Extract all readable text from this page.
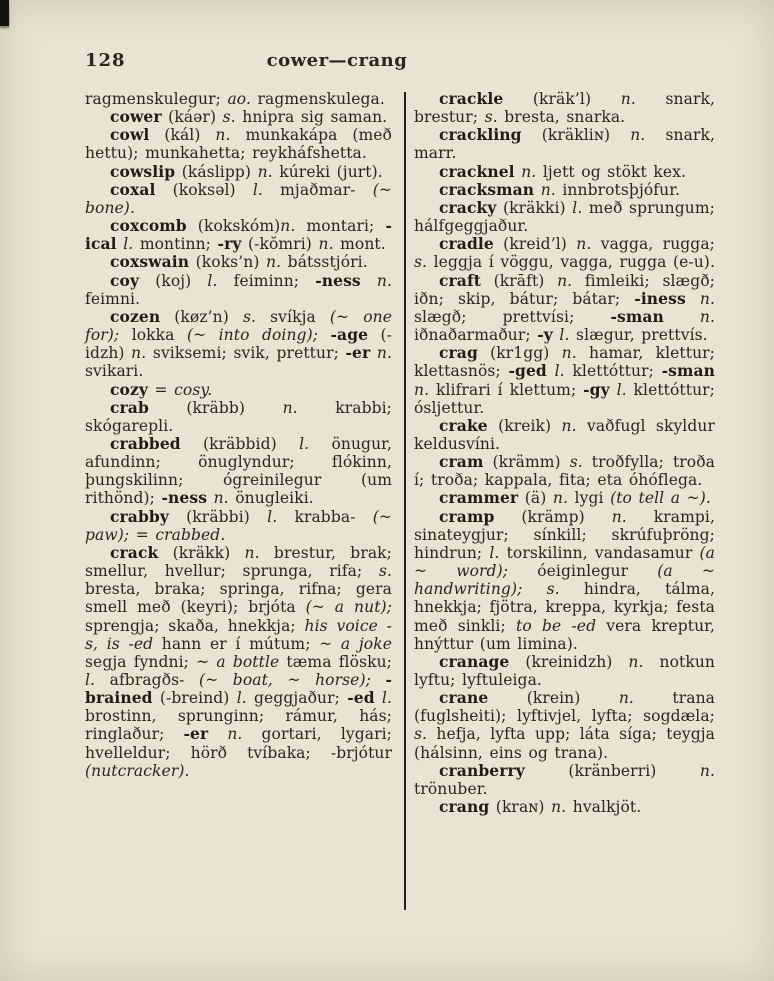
128	cower—crang

ragmenskulegur; ao. ragmenskulega.

cower (káər) s. hnipra sig saman.

cowl (kál) n. munkakápa (með hettu); munkahetta; reykháfshetta.

cowslip (káslipp) n. kúreki (jurt).

coxal (koksəl) l. mjaðmar- (~ bone).

coxcomb (kokskóm)n. montari; -ical l. montinn; -ry (-kŏmri) n. mont.

coxswain (koks’n) n. bátsstjóri.

coy (koj) l. feiminn; -ness n. feimni.

cozen (køz’n) s. svíkja (~ one for); lokka (~ into doing); -age (-idzh) n. sviksemi; svik, prettur; -er n. svikari.

cozy = cosy.

crab (kräbb) n. krabbi; skógarepli.

crabbed (kräbbid) l. önugur, afundinn; önuglyndur; flókinn, þungskilinn; ógreinilegur (um rithönd); -ness n. önugleiki.

crabby (kräbbi) l. krabba- (~ paw); = crabbed.

crack (kräkk) n. brestur, brak; smellur, hvellur; sprunga, rifa; s. bresta, braka; springa, rifna; gera smell með (keyri); brjóta (~ a nut); sprengja; skaða, hnekkja; his voice -s, is -ed hann er í mútum; ~ a joke segja fyndni; ~ a bottle tæma flösku; l. afbragðs- (~ boat, ~ horse); -brained (-breind) l. geggjaður; -ed l. brostinn, sprunginn; rámur, hás; ringlaður; -er n. gortari, lygari; hvelleldur; hörð tvíbaka; -brjótur (nutcracker).

crackle (kräk’l) n. snark, brestur; s. bresta, snarka.

crackling (kräkliɴ) n. snark, marr.

cracknel n. ljett og stökt kex.

cracksman n. innbrotsþjófur.

cracky (kräkki) l. með sprungum; hálfgeggjaður.

cradle (kreid’l) n. vagga, rugga; s. leggja í vöggu, vagga, rugga (e-u).

craft (krāft) n. fimleiki; slægð; iðn; skip, bátur; bátar; -iness n. slægð; prettvísi; -sman n. iðnaðarmaður; -y l. slægur, prettvís.

crag (kr1gg) n. hamar, klettur; klettasnös; -ged l. klettóttur; -sman n. klifrari í klettum; -gy l. klettóttur; ósljettur.

crake (kreik) n. vaðfugl skyldur keldusvíni.

cram (krämm) s. troðfylla; troða í; troða; kappala, fita; eta óhóflega.

crammer (ä) n. lygi (to tell a ~).

cramp (krämp) n. krampi, sinateygjur; sínkill; skrúfuþröng; hindrun; l. torskilinn, vandasamur (a ~ word); óeiginlegur (a ~ handwriting); s. hindra, tálma, hnekkja; fjötra, kreppa, kyrkja; festa með sinkli; to be -ed vera kreptur, hnýttur (um limina).

cranage (kreinidzh) n. notkun lyftu; lyftuleiga.

crane (krein) n. trana (fuglsheiti); lyftivjel, lyfta; sogdæla; s. hefja, lyfta upp; láta síga; teygja (hálsinn, eins og trana).

cranberry (kränberri) n. trönuber.

crang (kraɴ) n. hvalkjöt.
